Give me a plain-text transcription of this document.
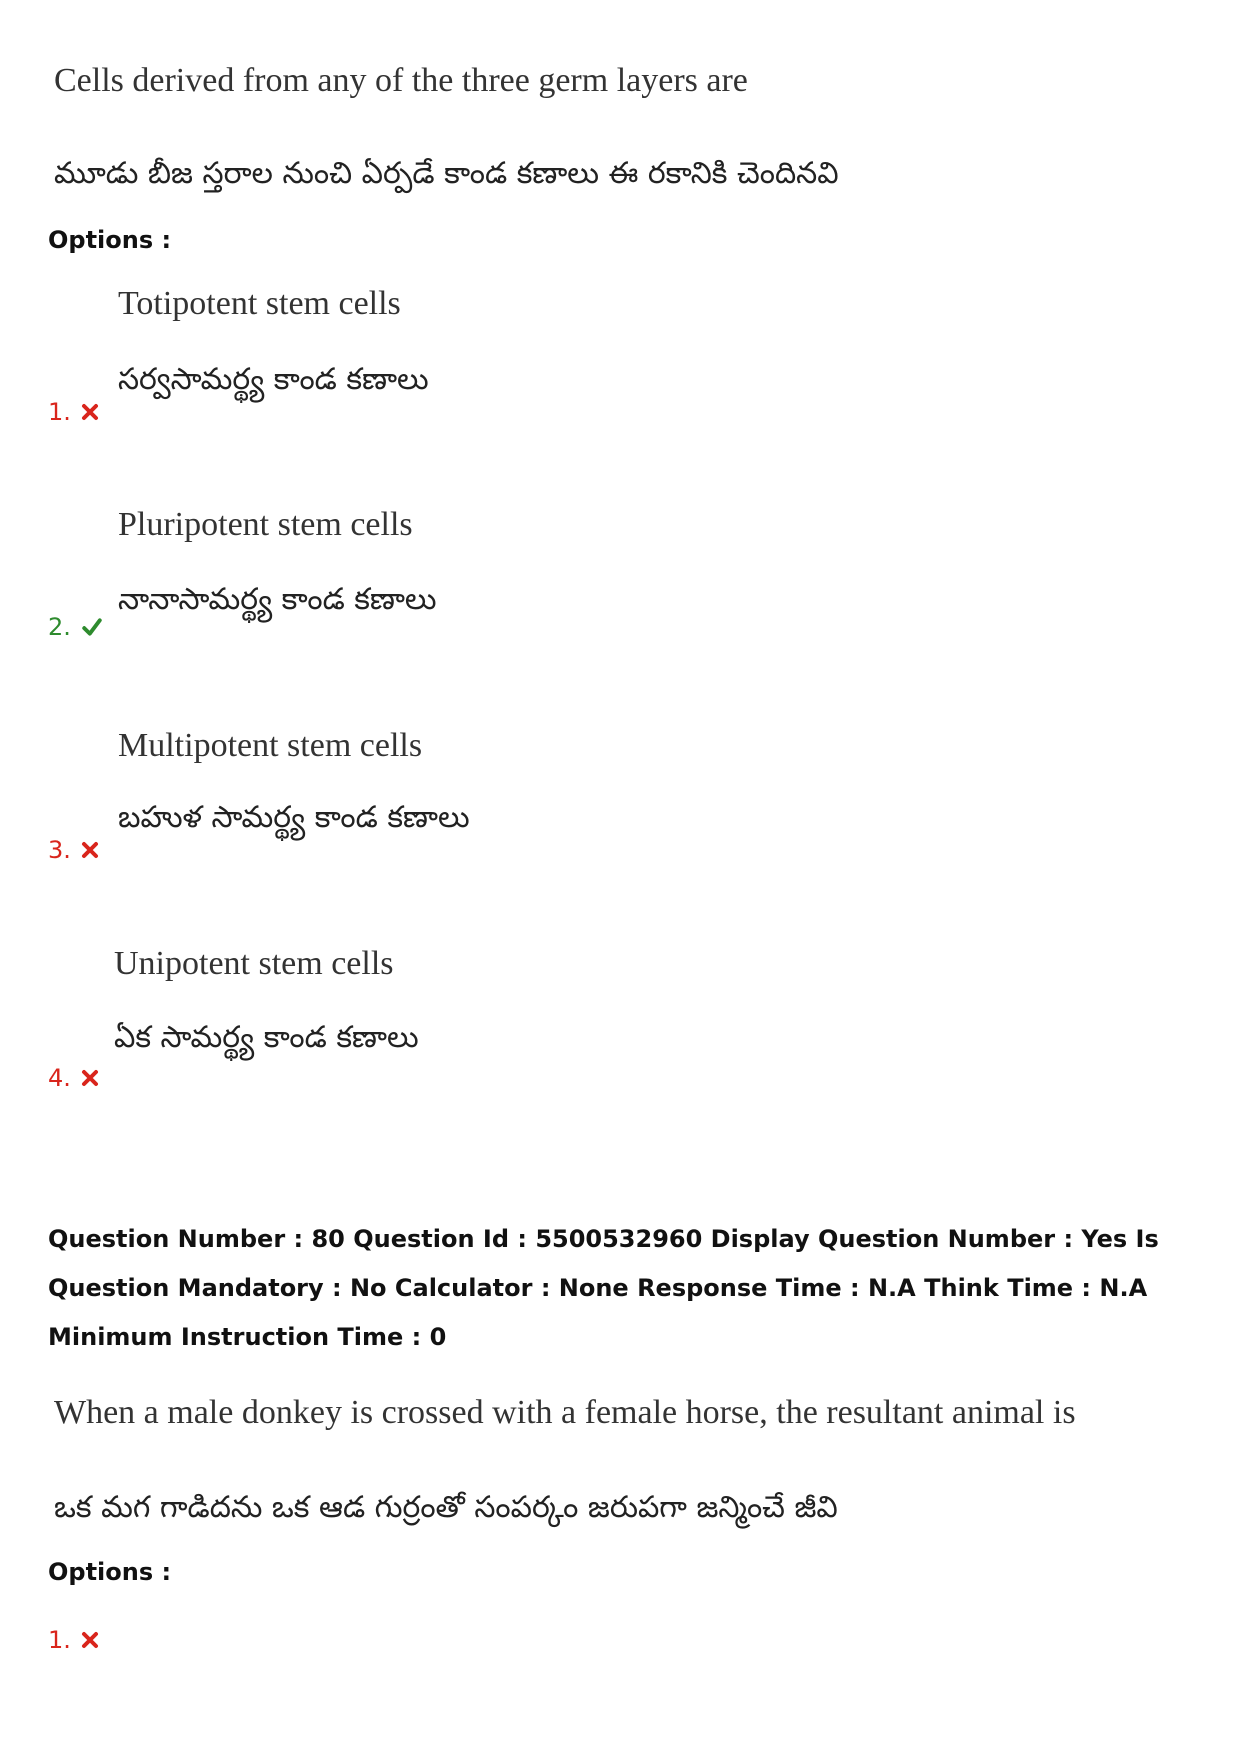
Cells derived from any of the three germ layers are
మూడు బీజ స్తరాల నుంచి ఏర్పడే కాండ కణాలు ఈ రకానికి చెందినవి
Options :
Totipotent stem cells
సర్వసామర్థ్య కాండ కణాలు
1.
Pluripotent stem cells
నానాసామర్థ్య కాండ కణాలు
2.
Multipotent stem cells
బహుళ సామర్థ్య కాండ కణాలు
3.
Unipotent stem cells
ఏక సామర్థ్య కాండ కణాలు
4.
Question Number : 80 Question Id : 5500532960 Display Question Number : Yes Is Question Mandatory : No Calculator : None Response Time : N.A Think Time : N.A Minimum Instruction Time : 0
When a male donkey is crossed with a female horse, the resultant animal is
ఒక మగ గాడిదను ఒక ఆడ గుర్రంతో సంపర్కం జరుపగా జన్మించే జీవి
Options :
1.
